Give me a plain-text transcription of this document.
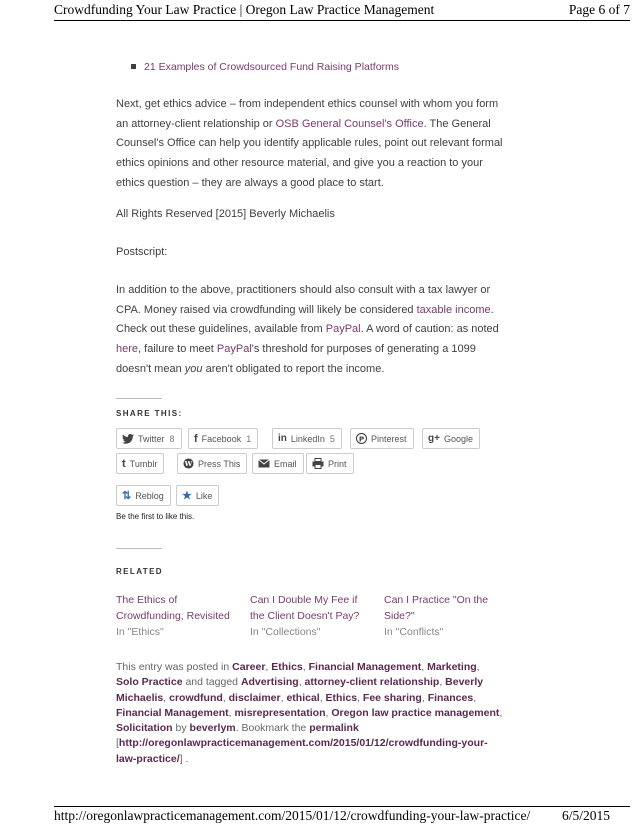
Crowdfunding Your Law Practice | Oregon Law Practice Management	Page 6 of 7
http://oregonlawpracticemanagement.com/2015/01/12/crowdfunding-your-law-practice/ 6/5/2015
21 Examples of Crowdsourced Fund Raising Platforms
Next, get ethics advice – from independent ethics counsel with whom you form
an attorney-client relationship or OSB General Counsel's Office. The General
Counsel's Office can help you identify applicable rules, point out relevant formal
ethics opinions and other resource material, and give you a reaction to your
ethics question – they are always a good place to start.
All Rights Reserved [2015] Beverly Michaelis
Postscript:
In addition to the above, practitioners should also consult with a tax lawyer or
CPA. Money raised via crowdfunding will likely be considered taxable income.
Check out these guidelines, available from PayPal. A word of caution: as noted
here, failure to meet PayPal's threshold for purposes of generating a 1099
doesn't mean you aren't obligated to report the income.
SHARE THIS:
Twitter 8 f Facebook 1	in LinkedIn 5	P Pinterest g+ Google
t Tumblr	W Press This	Email	Print
⇅ Reblog ★ Like
Be the first to like this.
RELATED
The Ethics of
Crowdfunding, Revisited
In "Ethics"
Can I Double My Fee if
the Client Doesn't Pay?
In "Collections"
Can I Practice "On the
Side?"
In "Conflicts"
This entry was posted in Career, Ethics, Financial Management, Marketing,
Solo Practice and tagged Advertising, attorney-client relationship, Beverly
Michaelis, crowdfund, disclaimer, ethical, Ethics, Fee sharing, Finances,
Financial Management, misrepresentation, Oregon law practice management,
Solicitation by beverlym. Bookmark the permalink
[http://oregonlawpracticemanagement.com/2015/01/12/crowdfunding-your-
law-practice/] .
